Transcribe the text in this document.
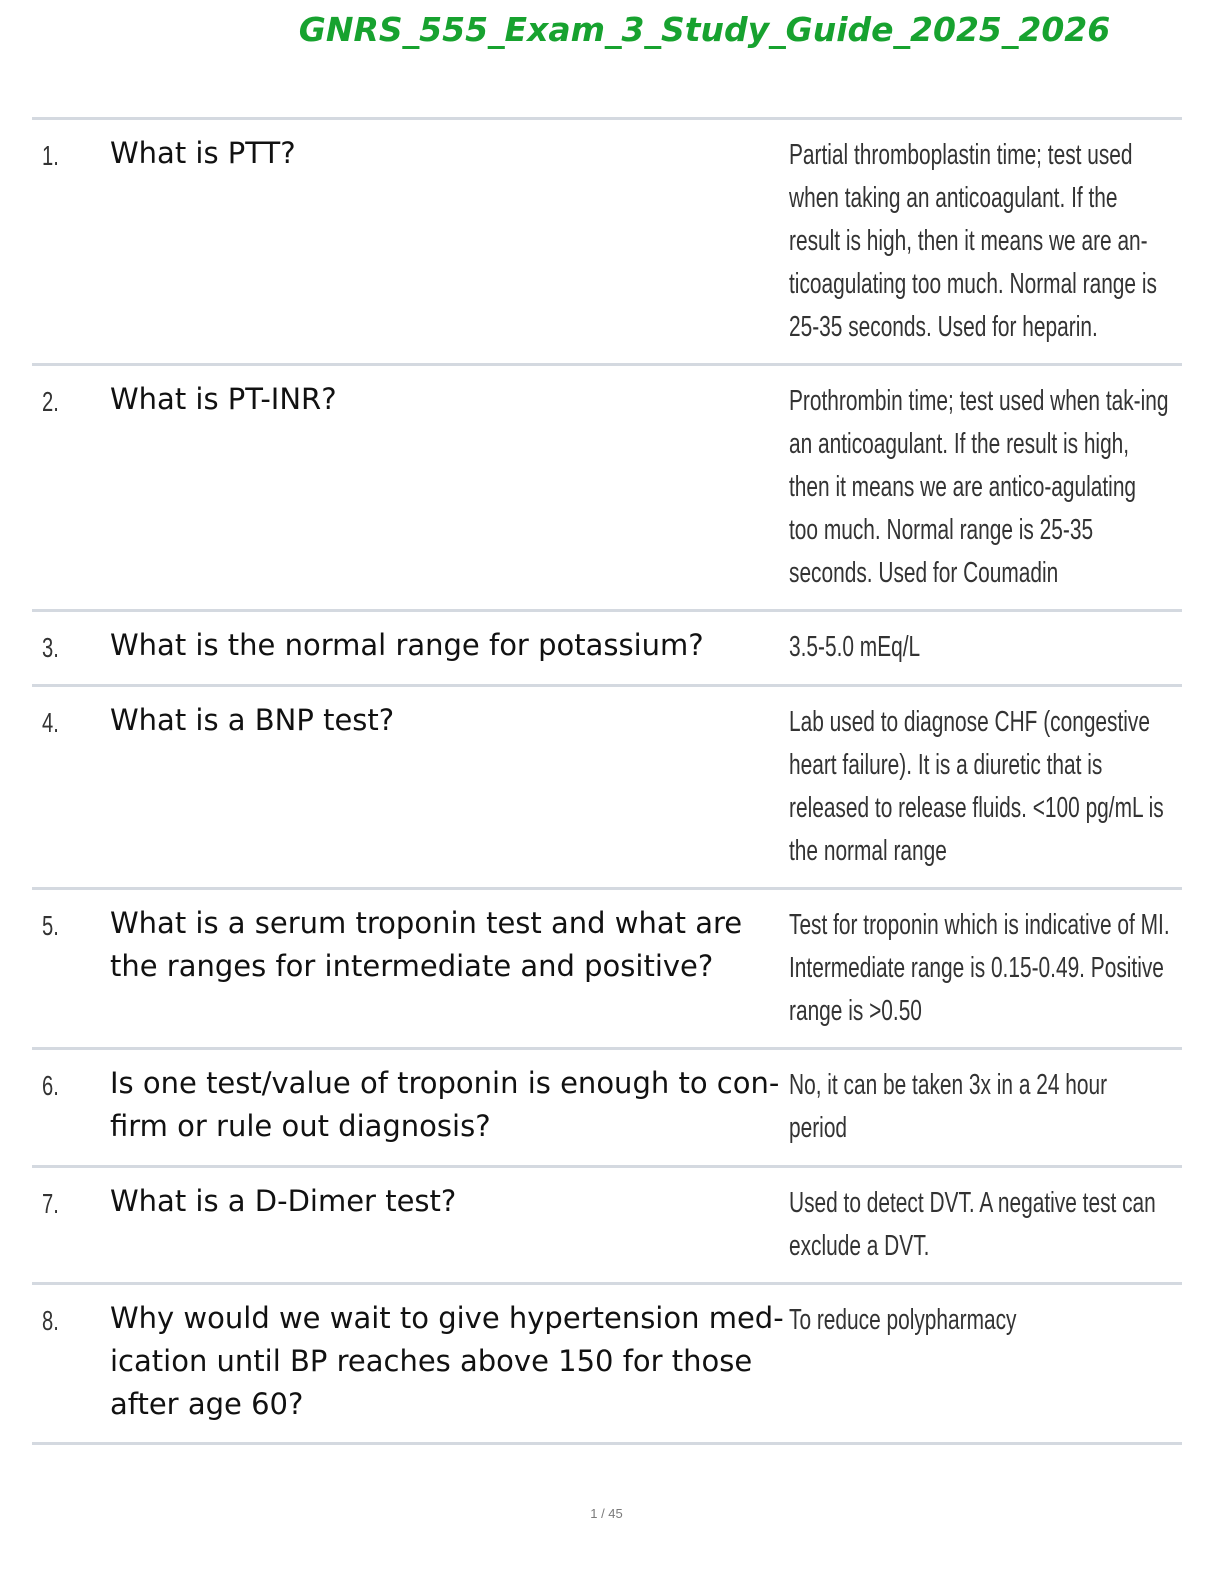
GNRS_555_Exam_3_Study_Guide_2025_2026
1. What is PTT?	Partial thromboplastin time; test used when taking an anticoagulant. If the result is high, then it means we are an-ticoagulating too much. Normal range is 25-35 seconds. Used for heparin.
2. What is PT-INR?	Prothrombin time; test used when tak-ing an anticoagulant. If the result is high, then it means we are antico-agulating too much. Normal range is 25-35 seconds. Used for Coumadin
3. What is the normal range for potassium?	3.5-5.0 mEq/L
4. What is a BNP test?	Lab used to diagnose CHF (congestive heart failure). It is a diuretic that is released to release fluids. <100 pg/mL is the normal range
5. What is a serum troponin test and what are the ranges for intermediate and positive?
Test for troponin which is indicative of MI. Intermediate range is 0.15-0.49. Positive range is >0.50
6. Is one test/value of troponin is enough to con-firm or rule out diagnosis?
No, it can be taken 3x in a 24 hour period
7. What is a D-Dimer test?	Used to detect DVT. A negative test can exclude a DVT.
8. Why would we wait to give hypertension med-ication until BP reaches above 150 for those after age 60?
To reduce polypharmacy
1 / 45
